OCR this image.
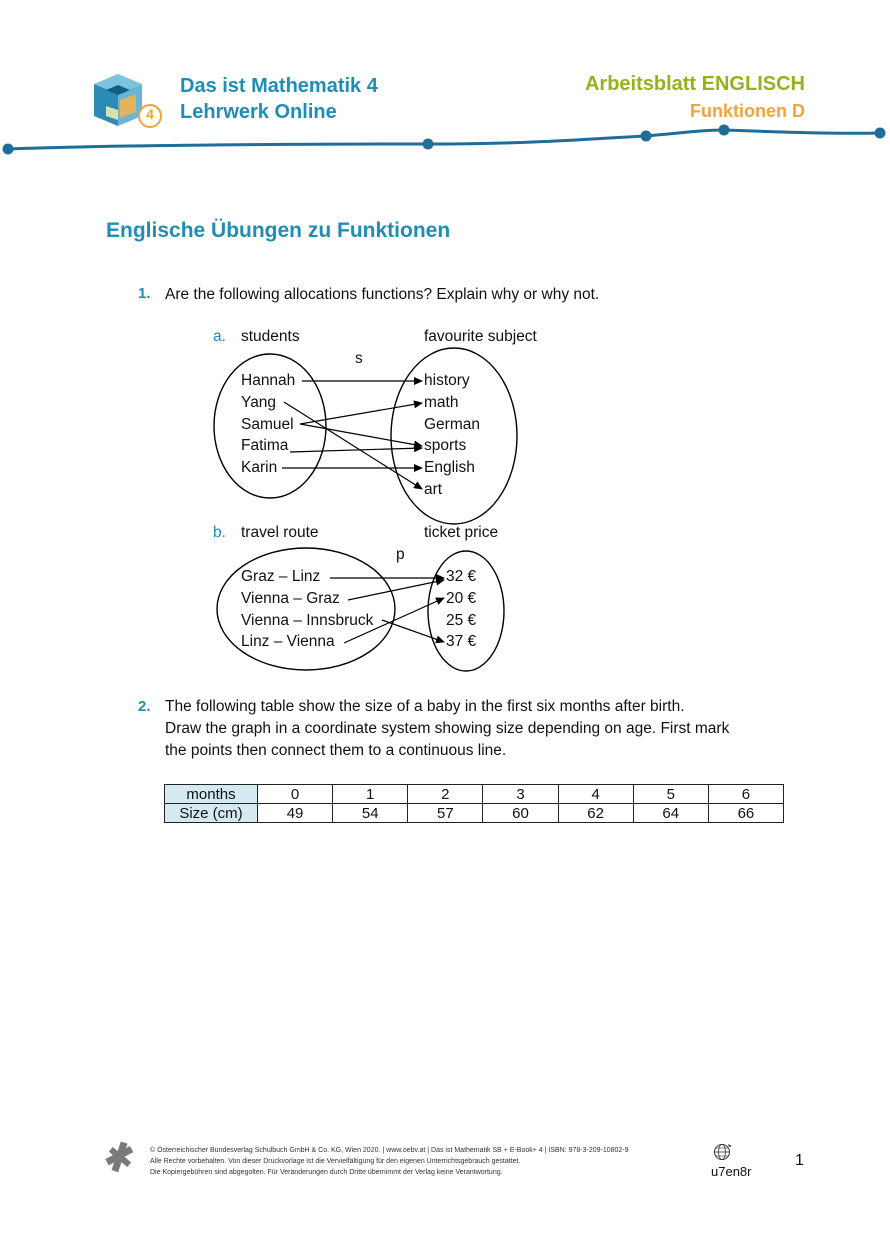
4
Das ist Mathematik 4
Lehrwerk Online
Arbeitsblatt ENGLISCH
Funktionen D
Englische Übungen zu Funktionen
1. Are the following allocations functions? Explain why or why not.
a. students	favourite subject
s
Hannah
Yang
Samuel
Fatima
Karin
history
math
German
sports
English
art
b. travel route	ticket price
p
Graz – Linz
Vienna – Graz
Vienna – Innsbruck
Linz – Vienna
32 €
20 €
25 €
37 €
2. The following table show the size of a baby in the first six months after birth.
Draw the graph in a coordinate system showing size depending on age. First mark
the points then connect them to a continuous line.
months	0	1	2	3	4	5	6
Size (cm)	49	54	57	60	62	64	66
© Österreichischer Bundesverlag Schulbuch GmbH & Co. KG, Wien 2020. | www.oebv.at | Das ist Mathematik SB + E-Book+ 4 | ISBN: 978-3-209-10802-9
Alle Rechte vorbehalten. Von dieser Druckvorlage ist die Vervielfältigung für den eigenen Unterrichtsgebrauch gestattet.
Die Kopiergebühren sind abgegolten. Für Veränderungen durch Dritte übernimmt der Verlag keine Verantwortung.	u7en8r
1
